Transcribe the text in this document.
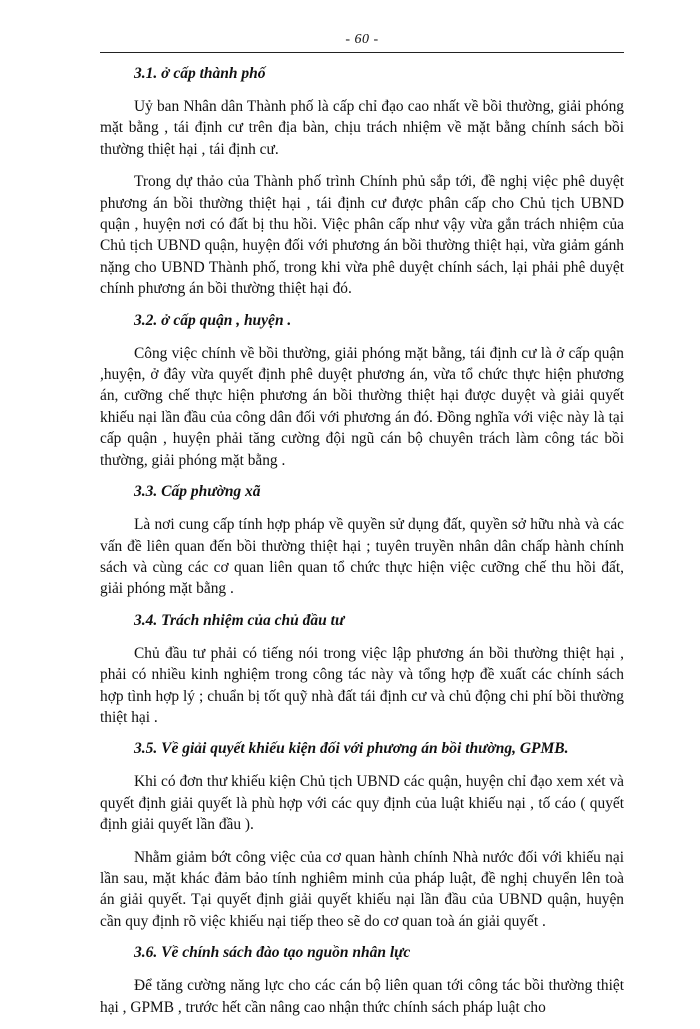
- 60 -
3.1. ở cấp thành phố

Uỷ ban Nhân dân Thành phố là cấp chỉ đạo cao nhất về bồi thường, giải phóng mặt bằng , tái định cư trên địa bàn, chịu trách nhiệm về mặt bằng chính sách bồi thường thiệt hại , tái định cư.

Trong dự thảo của Thành phố trình Chính phủ sắp tới, đề nghị việc phê duyệt phương án bồi thường thiệt hại , tái định cư được phân cấp cho Chủ tịch UBND quận , huyện nơi có đất bị thu hồi. Việc phân cấp như vậy vừa gắn trách nhiệm của Chủ tịch UBND quận, huyện đối với phương án bồi thường thiệt hại, vừa giảm gánh nặng cho UBND Thành phố, trong khi vừa phê duyệt chính sách, lại phải phê duyệt chính phương án bồi thường thiệt hại đó.

3.2. ở cấp quận , huyện .

Công việc chính về bồi thường, giải phóng mặt bằng, tái định cư là ở cấp quận ,huyện, ở đây vừa quyết định phê duyệt phương án, vừa tổ chức thực hiện phương án, cưỡng chế thực hiện phương án bồi thường thiệt hại được duyệt và giải quyết khiếu nại lần đầu của công dân đối với phương án đó. Đồng nghĩa với việc này là tại cấp quận , huyện phải tăng cường đội ngũ cán bộ chuyên trách làm công tác bồi thường, giải phóng mặt bằng .

3.3. Cấp phường xã

Là nơi cung cấp tính hợp pháp về quyền sử dụng đất, quyền sở hữu nhà và các vấn đề liên quan đến bồi thường thiệt hại ; tuyên truyền nhân dân chấp hành chính sách và cùng các cơ quan liên quan tổ chức thực hiện việc cưỡng chế thu hồi đất, giải phóng mặt bằng .

3.4. Trách nhiệm của chủ đầu tư

Chủ đầu tư phải có tiếng nói trong việc lập phương án bồi thường thiệt hại , phải có nhiều kinh nghiệm trong công tác này và tổng hợp đề xuất các chính sách hợp tình hợp lý ; chuẩn bị tốt quỹ nhà đất tái định cư và chủ động chi phí bồi thường thiệt hại .

3.5. Về giải quyết khiếu kiện đối với phương án bồi thường, GPMB.

Khi có đơn thư khiếu kiện Chủ tịch UBND các quận, huyện chỉ đạo xem xét và quyết định giải quyết là phù hợp với các quy định của luật khiếu nại , tố cáo ( quyết định giải quyết lần đầu ).

Nhằm giảm bớt công việc của cơ quan hành chính Nhà nước đối với khiếu nại lần sau, mặt khác đảm bảo tính nghiêm minh của pháp luật, đề nghị chuyển lên toà án giải quyết. Tại quyết định giải quyết khiếu nại lần đầu của UBND quận, huyện cần quy định rõ việc khiếu nại tiếp theo sẽ do cơ quan toà án giải quyết .

3.6. Về chính sách đào tạo nguồn nhân lực

Để tăng cường năng lực cho các cán bộ liên quan tới công tác bồi thường thiệt hại , GPMB , trước hết cần nâng cao nhận thức chính sách pháp luật cho
